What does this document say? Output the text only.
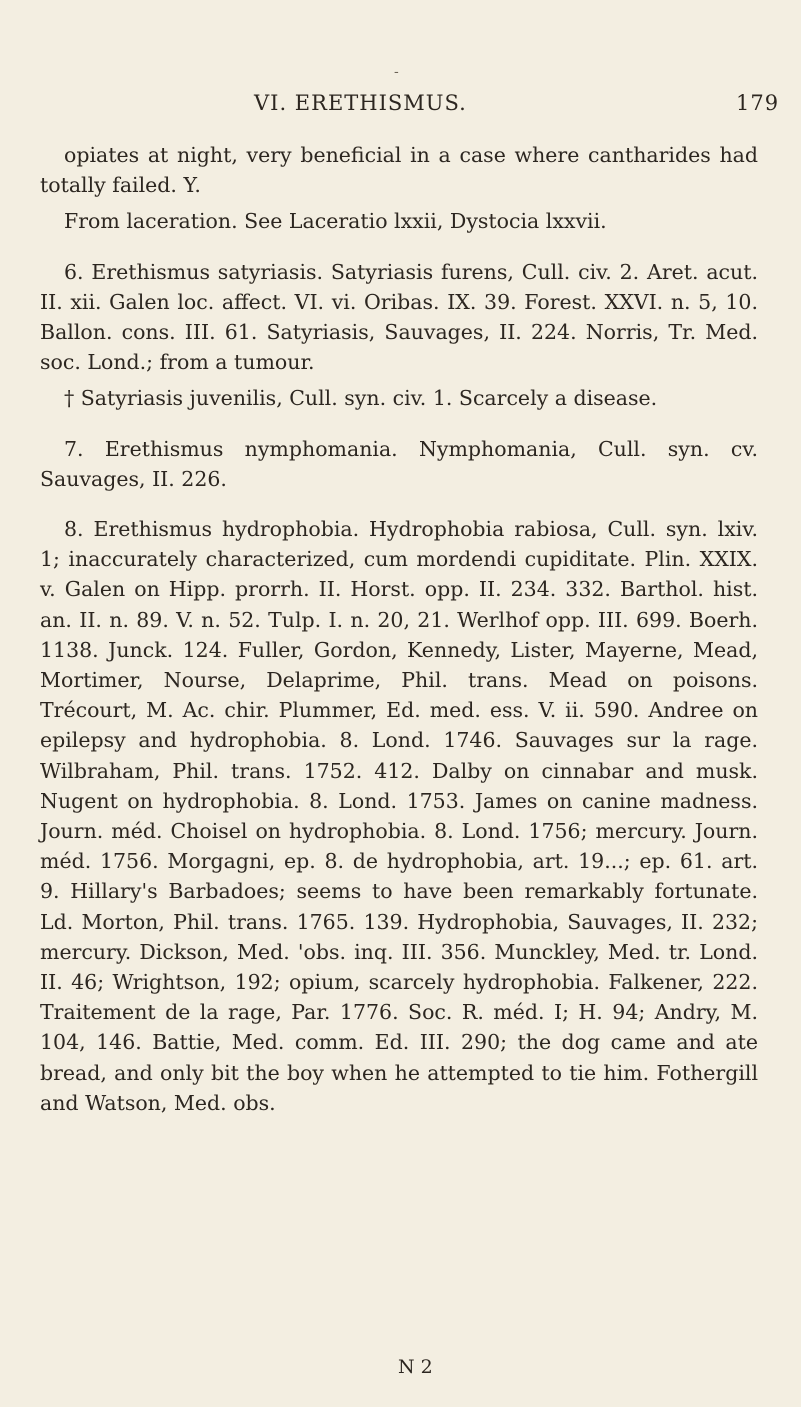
-
VI. ERETHISMUS.	179

opiates at night, very beneficial in a case where cantharides had totally failed. Y.

From laceration. See Laceratio lxxii, Dystocia lxxvii.

6. Erethismus satyriasis. Satyriasis furens, Cull. civ. 2. Aret. acut. II. xii. Galen loc. affect. VI. vi. Oribas. IX. 39. Forest. XXVI. n. 5, 10. Ballon. cons. III. 61. Satyriasis, Sauvages, II. 224. Norris, Tr. Med. soc. Lond.; from a tumour.

† Satyriasis juvenilis, Cull. syn. civ. 1. Scarcely a disease.

7. Erethismus nymphomania. Nymphomania, Cull. syn. cv. Sauvages, II. 226.

8. Erethismus hydrophobia. Hydrophobia rabiosa, Cull. syn. lxiv. 1; inaccurately characterized, cum mordendi cupiditate. Plin. XXIX. v. Galen on Hipp. prorrh. II. Horst. opp. II. 234. 332. Barthol. hist. an. II. n. 89. V. n. 52. Tulp. I. n. 20, 21. Werlhof opp. III. 699. Boerh. 1138. Junck. 124. Fuller, Gordon, Kennedy, Lister, Mayerne, Mead, Mortimer, Nourse, Delaprime, Phil. trans. Mead on poisons. Trécourt, M. Ac. chir. Plummer, Ed. med. ess. V. ii. 590. Andree on epilepsy and hydrophobia. 8. Lond. 1746. Sauvages sur la rage. Wilbraham, Phil. trans. 1752. 412. Dalby on cinnabar and musk. Nugent on hydrophobia. 8. Lond. 1753. James on canine madness. Journ. méd. Choisel on hydrophobia. 8. Lond. 1756; mercury. Journ. méd. 1756. Morgagni, ep. 8. de hydrophobia, art. 19...; ep. 61. art. 9. Hillary's Barbadoes; seems to have been remarkably fortunate. Ld. Morton, Phil. trans. 1765. 139. Hydrophobia, Sauvages, II. 232; mercury. Dickson, Med. 'obs. inq. III. 356. Munckley, Med. tr. Lond. II. 46; Wrightson, 192; opium, scarcely hydrophobia. Falkener, 222. Traitement de la rage, Par. 1776. Soc. R. méd. I; H. 94; Andry, M. 104, 146. Battie, Med. comm. Ed. III. 290; the dog came and ate bread, and only bit the boy when he attempted to tie him. Fothergill and Watson, Med. obs.

N 2
